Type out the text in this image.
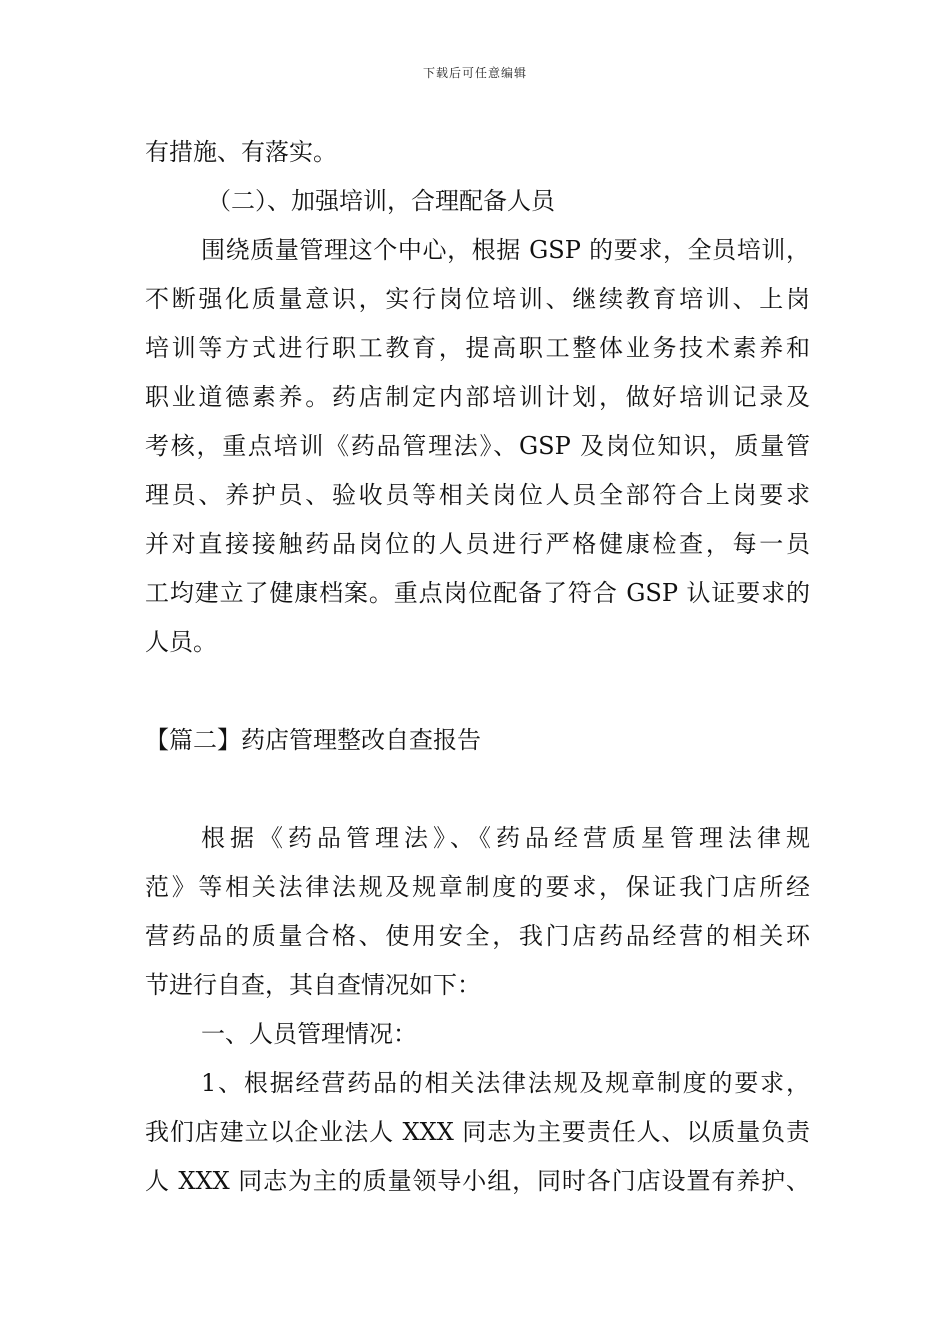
下载后可任意编辑
有措施、有落实。
（二）、加强培训，合理配备人员
围绕质量管理这个中心，根据 GSP 的要求，全员培训，
不断强化质量意识，实行岗位培训、继续教育培训、上岗
培训等方式进行职工教育，提高职工整体业务技术素养和
职业道德素养。药店制定内部培训计划，做好培训记录及
考核，重点培训《药品管理法》、GSP 及岗位知识，质量管
理员、养护员、验收员等相关岗位人员全部符合上岗要求
并对直接接触药品岗位的人员进行严格健康检查，每一员
工均建立了健康档案。重点岗位配备了符合 GSP 认证要求的
人员。
【篇二】药店管理整改自查报告
根据《药品管理法》、《药品经营质星管理法律规
范》等相关法律法规及规章制度的要求，保证我门店所经
营药品的质量合格、使用安全，我门店药品经营的相关环
节进行自查，其自查情况如下：
一、人员管理情况：
1、根据经营药品的相关法律法规及规章制度的要求，
我们店建立以企业法人 XXX 同志为主要责任人、以质量负责
人 XXX 同志为主的质量领导小组，同时各门店设置有养护、
